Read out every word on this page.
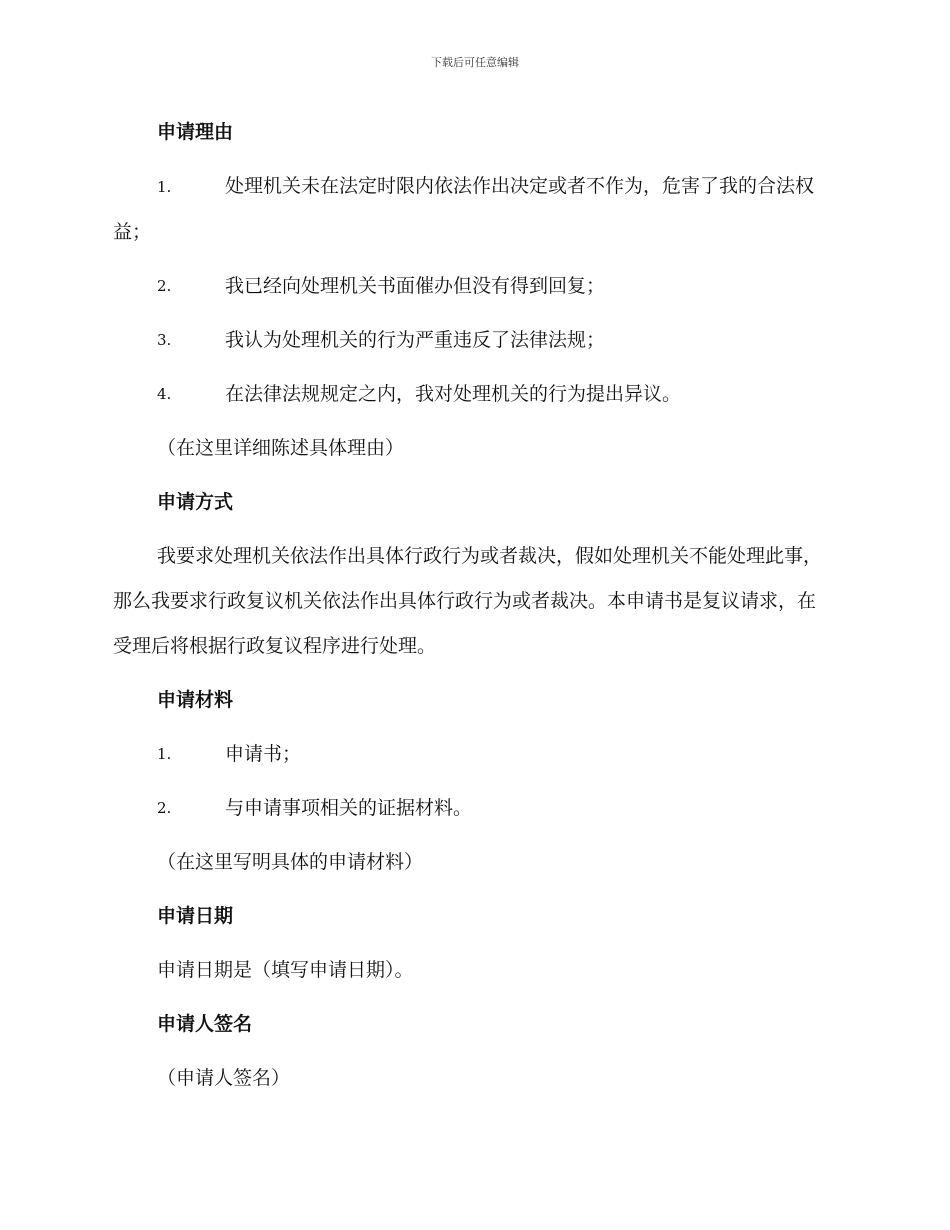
下载后可任意编辑
申请理由
1.	处理机关未在法定时限内依法作出决定或者不作为，危害了我的合法权益；
2.	我已经向处理机关书面催办但没有得到回复；
3.	我认为处理机关的行为严重违反了法律法规；
4.	在法律法规规定之内，我对处理机关的行为提出异议。
（在这里详细陈述具体理由）
申请方式
我要求处理机关依法作出具体行政行为或者裁决，假如处理机关不能处理此事，那么我要求行政复议机关依法作出具体行政行为或者裁决。本申请书是复议请求，在受理后将根据行政复议程序进行处理。
申请材料
1.	申请书；
2.	与申请事项相关的证据材料。
（在这里写明具体的申请材料）
申请日期
申请日期是（填写申请日期）。
申请人签名
（申请人签名）
